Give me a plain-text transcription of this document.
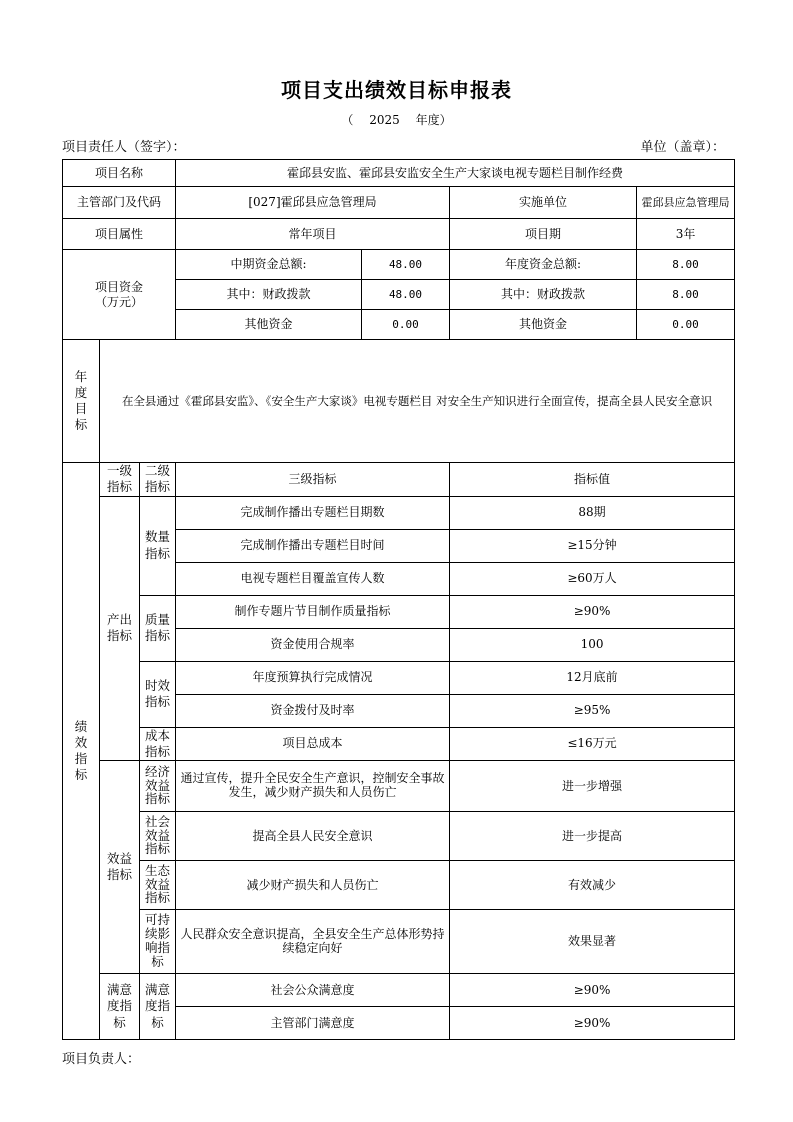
项目支出绩效目标申报表
（ 2025 年度）
项目责任人（签字）：	单位（盖章）：
项目名称			霍邱县安监、霍邱县安监安全生产大家谈电视专题栏目制作经费			
主管部门及代码			[027]霍邱县应急管理局		实施单位	霍邱县应急管理局
项目属性			常年项目		项目期	3年

项目资金
（万元）			中期资金总额:	48.00	年度资金总额:	8.00
			其中：财政拨款	48.00	其中：财政拨款	8.00
			其他资金	0.00	其他资金	0.00
年度目标	在全县通过《霍邱县安监》、《安全生产大家谈》电视专题栏目 对安全生产知识进行全面宣传，提高全县人民安全意识					
绩效指标	一级指标	二级指标	三级指标		指标值	
	产出指标	数量指标	完成制作播出专题栏目期数		88期	
			完成制作播出专题栏目时间		≥15分钟	
			电视专题栏目覆盖宣传人数		≥60万人	
		质量指标	制作专题片节目制作质量指标		≥90%	
			资金使用合规率		100	
		时效指标	年度预算执行完成情况		12月底前	
			资金拨付及时率		≥95%	
		成本指标	项目总成本		≤16万元	
	效益指标	经济效益指标	通过宣传，提升全民安全生产意识，控制安全事故发生，减少财产损失和人员伤亡		进一步增强	
		社会效益指标	提高全县人民安全意识		进一步提高	
		生态效益指标	减少财产损失和人员伤亡		有效减少	
		可持续影响指标	人民群众安全意识提高，全县安全生产总体形势持续稳定向好		效果显著	
	满意度指标	满意度指标	社会公众满意度		≥90%	
			主管部门满意度		≥90%	
项目负责人：
